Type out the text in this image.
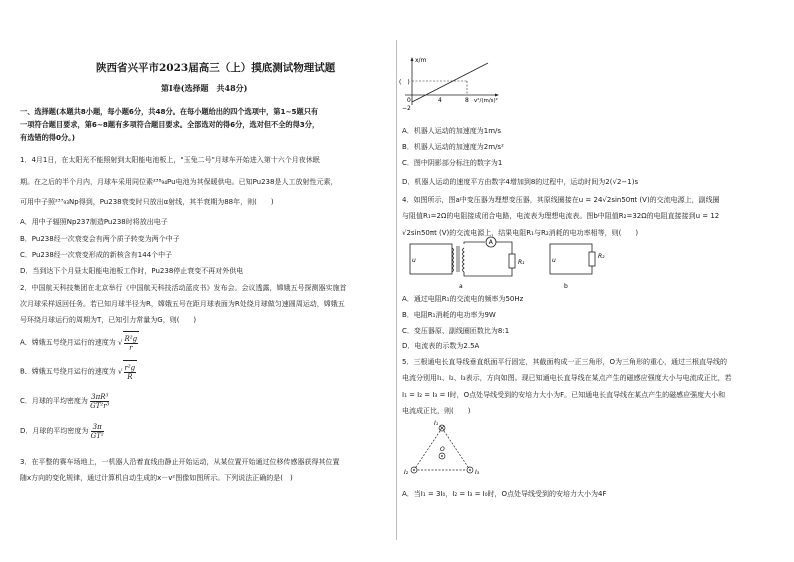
陕西省兴平市2023届高三（上）摸底测试物理试题
第Ⅰ卷(选择题　共48分)
一、选择题(本题共8小题，每小题6分，共48分。在每小题给出的四个选项中，第1~5题只有
一项符合题目要求，第6~8题有多项符合题目要求。全部选对的得6分，选对但不全的得3分，
有选错的得0分。)
1．4月1日，在太阳光不能照射到太阳能电池板上，"玉兔二号"月球车开始进入第十六个月夜休眠
期。在之后的半个月内，月球车采用同位素²³⁸₉₄Pu电池为其保暖供电。已知Pu238是人工放射性元素，
可用中子照²³⁷₉₃Np得到，Pu238衰变时只放出α射线，其半衰期为88年，则(　　)
A．用中子辐照Np237制造Pu238时将放出电子
B．Pu238经一次衰变会有两个质子转变为两个中子
C．Pu238经一次衰变形成的新核含有144个中子
D．当到达下个月昼太阳能电池板工作时，Pu238停止衰变不再对外供电
2．中国航天科技集团在北京举行《中国航天科技活动蓝皮书》发布会。会议透露，嫦娥五号探测器实施首
次月球采样返回任务。若已知月球半径为R，嫦娥五号在距月球表面为R处绕月球做匀速圆周运动，嫦娥五
号环绕月球运行的周期为T，已知引力常量为G，则(　　)
A．嫦娥五号绕月运行的速度为 √ $\frac{\text{R²g}}{r}$
B．嫦娥五号绕月运行的速度为 √ $\frac{\text{r²g}}{R}$
C．月球的平均密度为 $\frac{\text{3πR³}}{\text{GT²r³}}$
D．月球的平均密度为 $\frac{3\pi}{\text{GT²}}$
3．在平整的赛车场地上，一机器人沿着直线由静止开始运动，从某位置开始通过位移传感器获得其位置
随x方向的变化规律，通过计算机自动生成的x－v²图像如图所示。下列说法正确的是(　)
x/m
(　)
0
−2
4	8 v²/(m/s)²
A．机器人运动的加速度为1m/s
B．机器人运动的加速度为2m/s²
C．图中阴影部分标注的数字为1
D．机器人运动的速度平方由数字4增加到8的过程中，运动时间为2(√2−1)s
4．如图所示，图a中变压器为理想变压器，其原线圈接在u = 24√2sin50πt (V)的交流电源上，副线圈
与阻值R₁=2Ω的电阻接成闭合电路，电流表为理想电流表。图b中阻值R₂=32Ω的电阻直接接到u = 12
√2sin50πt (V)的交流电源上，结果电阻R₁与R₂消耗的电功率相等，则(　　)
u
A
R₁
a
u
R₂
b
A．通过电阻R₁的交流电的频率为50Hz
B．电阻R₁消耗的电功率为9W
C．变压器原、副线圈匝数比为8:1
D．电流表的示数为2.5A
5．三根通电长直导线垂直纸面平行固定，其截面构成一正三角形，O为三角形的重心，通过三根直导线的
电流分别用I₁、I₂、I₃表示，方向如图。现已知通电长直导线在某点产生的磁感应强度大小与电流成正比，若
I₁ = I₂ = I₃ = I时，O点处导线受到的安培力大小为F。已知通电长直导线在某点产生的磁感应强度大小和
电流成正比，则(　　)
I₁
I₂	I₃
O
A．当I₁ = 3I₀，I₂ = I₃ = I₀时，O点处导线受到的安培力大小为4F
